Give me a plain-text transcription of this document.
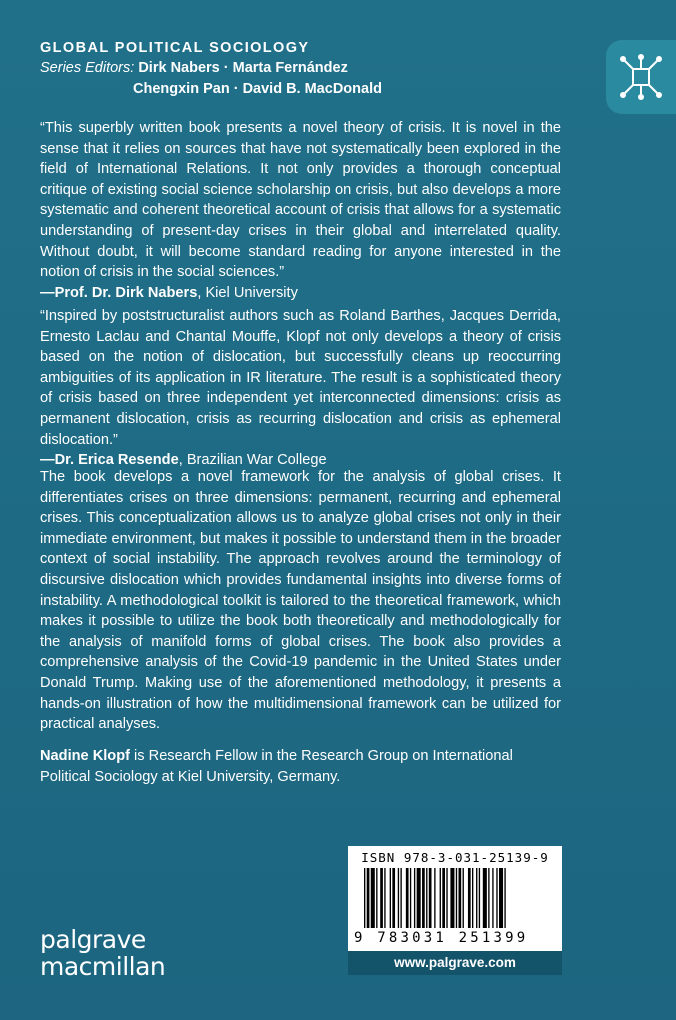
GLOBAL POLITICAL SOCIOLOGY
Series Editors: Dirk Nabers · Marta Fernández
Chengxin Pan · David B. MacDonald

“This superbly written book presents a novel theory of crisis. It is novel in the sense that it relies on sources that have not systematically been explored in the field of International Relations. It not only provides a thorough conceptual critique of existing social science scholarship on crisis, but also develops a more systematic and coherent theoretical account of crisis that allows for a systematic understanding of present-day crises in their global and interrelated quality. Without doubt, it will become standard reading for anyone interested in the notion of crisis in the social sciences.”

—Prof. Dr. Dirk Nabers, Kiel University

“Inspired by poststructuralist authors such as Roland Barthes, Jacques Derrida, Ernesto Laclau and Chantal Mouffe, Klopf not only develops a theory of crisis based on the notion of dislocation, but successfully cleans up reoccurring ambiguities of its application in IR literature. The result is a sophisticated theory of crisis based on three independent yet interconnected dimensions: crisis as permanent dislocation, crisis as recurring dislocation and crisis as ephemeral dislocation.”

—Dr. Erica Resende, Brazilian War College

The book develops a novel framework for the analysis of global crises. It differentiates crises on three dimensions: permanent, recurring and ephemeral crises. This conceptualization allows us to analyze global crises not only in their immediate environment, but makes it possible to understand them in the broader context of social instability. The approach revolves around the terminology of discursive dislocation which provides fundamental insights into diverse forms of instability. A methodological toolkit is tailored to the theoretical framework, which makes it possible to utilize the book both theoretically and methodologically for the analysis of manifold forms of global crises. The book also provides a comprehensive analysis of the Covid-19 pandemic in the United States under Donald Trump. Making use of the aforementioned methodology, it presents a hands-on illustration of how the multidimensional framework can be utilized for practical analyses.

Nadine Klopf is Research Fellow in the Research Group on International Political Sociology at Kiel University, Germany.

ISBN 978-3-031-25139-9
9 783031 251399
www.palgrave.com
palgrave
macmillan
